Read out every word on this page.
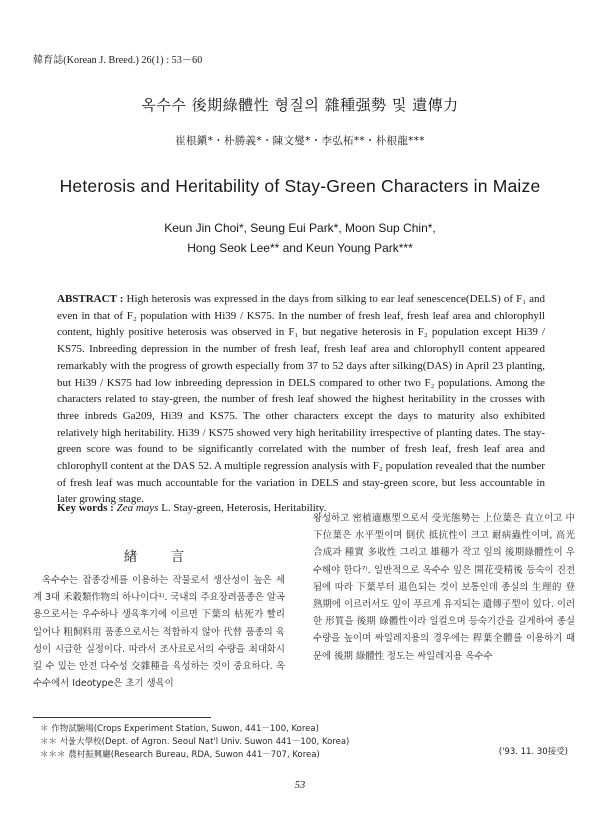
韓育誌(Korean J. Breed.) 26(1) : 53－60
옥수수 後期綠體性 형질의 雜種强勢 및 遺傳力
崔根鎭*・朴勝義*・陳文燮*・李弘柘**・朴根龍***
Heterosis and Heritability of Stay-Green Characters in Maize
Keun Jin Choi*, Seung Eui Park*, Moon Sup Chin*,
Hong Seok Lee** and Keun Young Park***
ABSTRACT : High heterosis was expressed in the days from silking to ear leaf senescence(DELS) of F₁ and even in that of F₂ population with Hi39 / KS75. In the number of fresh leaf, fresh leaf area and chlorophyll content, highly positive heterosis was observed in F₁ but negative heterosis in F₂ population except Hi39 / KS75. Inbreeding depression in the number of fresh leaf, fresh leaf area and chlorophyll content appeared remarkably with the progress of growth especially from 37 to 52 days after silking(DAS) in April 23 planting, but Hi39 / KS75 had low inbreeding depression in DELS compared to other two F₂ populations. Among the characters related to stay-green, the number of fresh leaf showed the highest heritability in the crosses with three inbreds Ga209, Hi39 and KS75. The other characters except the days to maturity also exhibited relatively high heritability. Hi39 / KS75 showed very high heritability irrespective of planting dates. The stay-green score was found to be significantly correlated with the number of fresh leaf, fresh leaf area and chlorophyll content at the DAS 52. A multiple regression analysis with F₂ population revealed that the number of fresh leaf was much accountable for the variation in DELS and stay-green score, but less accountable in later growing stage.
Key words : Zea mays L. Stay-green, Heterosis, Heritability.
緖　言
옥수수는 잡종강세를 이용하는 작물로서 생산성이 높은 세계 3대 禾穀類作物의 하나이다¹⁾. 국내의 주요장려품종은 알곡용으로서는 우수하나 생육후기에 이르면 下葉의 枯死가 빨리 일어나 粗飼料用 품종으로서는 적합하지 않아 代替 품종의 육성이 시급한 실정이다. 따라서 조사료로서의 수량을 최대화시킬 수 있는 안전 다수성 交雜種을 육성하는 것이 중요하다. 옥수수에서 Ideotype은 초기 생육이
왕성하고 密植適應型으로서 受光態勢는 上位葉은 直立이고 中下位葉은 水平型이며 倒伏 抵抗性이 크고 耐病蟲性이며, 高光合成과 種實 多收性 그리고 雄穗가 작고 잎의 後期綠體性이 우수해야 한다⁷⁾. 일반적으로 옥수수 잎은 開花受精後 등숙이 진전됨에 따라 下葉부터 退色되는 것이 보통인데 종실의 生理的 登熟期에 이르러서도 잎이 푸르게 유지되는 遺傳子型이 있다. 이러한 形質을 後期 綠體性이라 일컬으며 등숙기간을 길게하여 종실수량을 높이며 싸일레지용의 경우에는 稈葉全體를 이용하기 때문에 後期 綠體性 정도는 싸일레지용 옥수수
＊ 作物試驗場(Crops Experiment Station, Suwon, 441－100, Korea)
＊＊ 서울大學校(Dept. of Agron. Seoul Nat'l Univ. Suwon 441－100, Korea)
＊＊＊ 農村振興廳(Research Bureau, RDA, Suwon 441－707, Korea)	('93. 11. 30接受)
53
